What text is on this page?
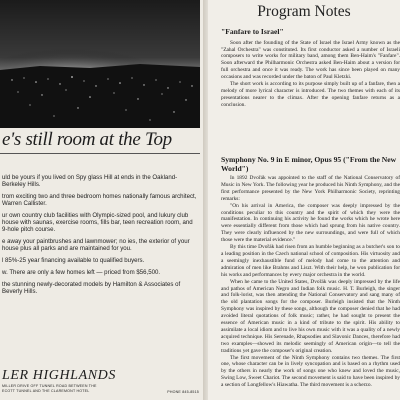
e's still room at the Top

uld be yours if you lived on Spy glass Hill at ends in the Oakland-Berkeley Hills.

trom exciting two and three bedroom homes nationally famous architect, Warren Callister.

ur own country club facilities with Olympic-sized pool, and lukury club house with saunas, exercise rooms, fills bar, teen recreation room, and 9-hole pitch course.

e away your paintbrushes and lawnmower; no ies, the exterior of your house plus all parks and are maintained for you.

l 85%-25 year financing available to qualified buyers.

w. There are only a few homes left — priced from $56,500.

the stunning newly-decorated models by Hamilton & Associates of Beverly Hills.

LER HIGHLANDS
MILLER DRIVE OFF TUNNEL ROAD BETWEEN THE
ECOTT TUNNEL AND THE CLAREMONT HOTEL	PHONE 845-8515
Program Notes
"Fanfare to Israel"

Soon after the founding of the State of Israel the Israel Army known as the "Zahal Orchestra" was constituted. Its first conductor asked a number of Israeli composers to write works for military band, among them Ben-Haim's "Fanfare". Soon afterward the Philharmonic Orchestra asked Ben-Haim about a version for full orchestra and once it was ready. The work has since been played on many occasions and was recorded under the baton of Paul Kletzki.

The short work is according to its purpose simply built up of a fanfare, then a melody of more lyrical character is introduced. The two themes with each of its presentations nearer to the climax. After the opening fanfare returns as a conclusion.

Symphony No. 9 in E minor, Opus 95 ("From the New World")

In 1892 Dvořák was appointed to the staff of the National Conservatory of Music in New York. The following year he produced his Ninth Symphony, and the first performance presented by the New York Philharmonic Society, reprinting remarks:

"On his arrival in America, the composer was deeply impressed by the conditions peculiar to this country and the spirit of which they were the manifestation. In continuing his activity he found the works which he wrote here were essentially different from those which had sprung from his native country. They were clearly influenced by the new surroundings, and were full of which those were the material evidence."

By this time Dvořák had risen from an humble beginning as a butcher's son to a leading position in the Czech national school of composition. His virtuosity and a seemingly inexhaustible fund of melody had come to the attention and admiration of men like Brahms and Liszt. With their help, he won publication for his works and performances by every major orchestra in the world.

When he came to the United States, Dvořák was deeply impressed by the life and pathos of American Negro and Indian folk music. H. T. Burleigh, the singer and folk-lorist, was then attending the National Conservatory and sang many of the old plantation songs for the composer. Burleigh insisted that the Ninth Symphony was inspired by these songs, although the composer denied that he had avoided literal quotations of folk music; rather, he had sought to present the essence of American music in a kind of tribute to the spirit. His ability to assimilate a local idiom and to live his own music with it was a quality of a newly acquired technique. His Serenade, Rhapsodies and Slavonic Dances, therefore had two examples—showed its melodic seemingly of American origin—to tell the traditions yet gave the composer's original creation.

The first movement of the Ninth Symphony contains two themes. The first one, whose character can be in lively syncopation and is based on a rhythm used by the others in nearly the work of songs one who knew and loved the music, Swing Low, Sweet Chariot. The second movement is said to have been inspired by a section of Longfellow's Hiawatha. The third movement is a scherzo.
